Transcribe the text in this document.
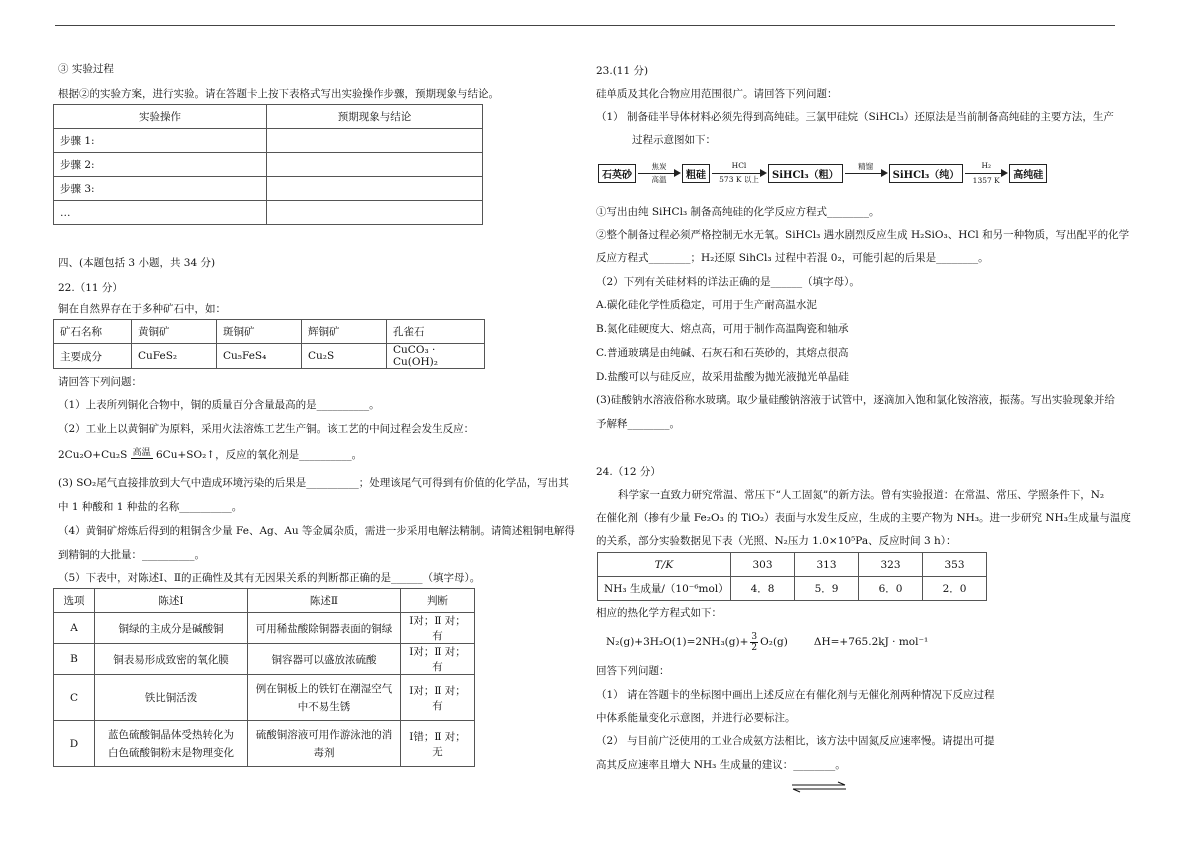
③ 实验过程
根据②的实验方案，进行实验。请在答题卡上按下表格式写出实验操作步骤，预期现象与结论。
实验操作	预期现象与结论
步骤 1:	
步骤 2:	
步骤 3:	
…	
四、(本题包括 3 小题，共 34 分)
22.（11 分）
铜在自然界存在于多种矿石中，如：
矿石名称	黄铜矿	斑铜矿	辉铜矿	孔雀石
主要成分	CuFeS₂	Cu₅FeS₄	Cu₂S	CuCO₃ · Cu(OH)₂
请回答下列问题：
（1）上表所列铜化合物中，铜的质量百分含量最高的是__________。
（2）工业上以黄铜矿为原料，采用火法溶炼工艺生产铜。该工艺的中间过程会发生反应：
2Cu₂O+Cu₂S 高温 6Cu+SO₂↑，反应的氧化剂是__________。
(3) SO₂尾气直接排放到大气中造成环境污染的后果是__________；处理该尾气可得到有价值的化学品，写出其
中 1 种酸和 1 种盐的名称__________。
（4）黄铜矿熔炼后得到的粗铜含少量 Fe、Ag、Au 等金属杂质，需进一步采用电解法精制。请简述粗铜电解得
到精铜的大批量：__________。
（5）下表中，对陈述Ⅰ、Ⅱ的正确性及其有无因果关系的判断都正确的是______（填字母）。
选项	陈述Ⅰ	陈述Ⅱ	判断
A	铜绿的主成分是碱酸铜	可用稀盐酸除铜器表面的铜绿	Ⅰ对；Ⅱ 对；有
B	铜表易形成致密的氧化膜	铜容器可以盛放浓硫酸	Ⅰ对；Ⅱ 对；有
C	铁比铜活泼	例在铜板上的铁钉在潮湿空气
中不易生锈	Ⅰ对；Ⅱ 对；有
D	蓝色硫酸铜晶体受热转化为
白色硫酸铜粉末是物理变化	硫酸铜溶液可用作游泳池的消
毒剂	Ⅰ错；Ⅱ 对；无
23.(11 分)
硅单质及其化合物应用范围很广。请回答下列问题：
（1） 制备硅半导体材料必须先得到高纯硅。三氯甲硅烷（SiHCl₃）还原法是当前制备高纯硅的主要方法，生产
过程示意图如下：
石英砂
焦炭
高温	粗硅
HCl
573 K 以上	SiHCl₃（粗）
精馏
SiHCl₃（纯）
H₂
1357 K	高纯硅
①写出由纯 SiHCl₃ 制备高纯硅的化学反应方程式________。
②整个制备过程必须严格控制无水无氧。SiHCl₃ 遇水剧烈反应生成 H₂SiO₃、HCl 和另一种物质，写出配平的化学
反应方程式________；H₂还原 SihCl₃ 过程中若混 0₂，可能引起的后果是________。
（2）下列有关硅材料的详法正确的是______（填字母）。
A.碳化硅化学性质稳定，可用于生产耐高温水泥
B.氮化硅硬度大、熔点高，可用于制作高温陶瓷和轴承
C.普通玻璃是由纯碱、石灰石和石英砂的，其熔点很高
D.盐酸可以与硅反应，故采用盐酸为抛光液抛光单晶硅
(3)硅酸钠水溶液俗称水玻璃。取少量硅酸钠溶液于试管中，逐滴加入饱和氯化铵溶液，振荡。写出实验现象并给
予解释________。
24.（12 分）
科学家一直致力研究常温、常压下“人工固氮”的新方法。曾有实验报道：在常温、常压、学照条件下，N₂
在催化剂（掺有少量 Fe₂O₃ 的 TiO₂）表面与水发生反应，生成的主要产物为 NH₃。进一步研究 NH₃生成量与温度
的关系，部分实验数据见下表（光照、N₂压力 1.0×10⁵Pa、反应时间 3 h）：
T/K	303	313	323	353
NH₃ 生成量/（10⁻⁶mol）	4．8	5．9	6．0	2．0
相应的热化学方程式如下：
$N_2(g)+3H_2O(1)=2NH_3(g)+ \frac{3}{2} O_2(g) \Delta H=+765.2kJ \cdot mol^{-1}$
回答下列问题：
（1） 请在答题卡的坐标图中画出上述反应在有催化剂与无催化剂两种情况下反应过程
中体系能量变化示意图，并进行必要标注。
（2） 与目前广泛使用的工业合成氨方法相比，该方法中固氮反应速率慢。请提出可提
高其反应速率且增大 NH₃ 生成量的建议：________。
